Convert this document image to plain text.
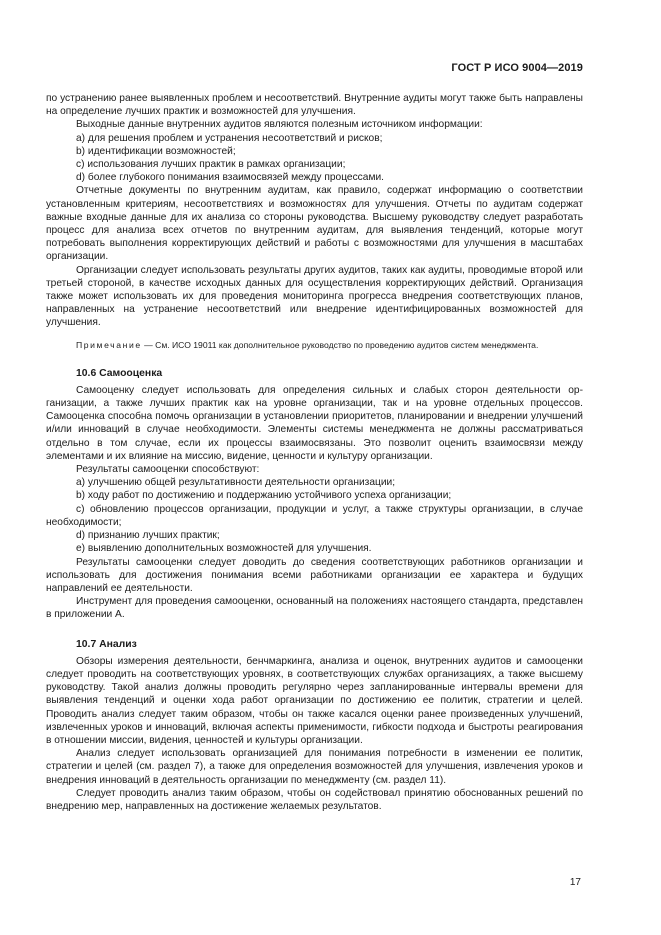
ГОСТ Р ИСО 9004—2019

по устранению ранее выявленных проблем и несоответствий. Внутренние аудиты могут также быть направлены на определение лучших практик и возможностей для улучшения.

Выходные данные внутренних аудитов являются полезным источником информации:

a) для решения проблем и устранения несоответствий и рисков;

b) идентификации возможностей;

c) использования лучших практик в рамках организации;

d) более глубокого понимания взаимосвязей между процессами.

Отчетные документы по внутренним аудитам, как правило, содержат информацию о соответствии установленным критериям, несоответствиях и возможностях для улучшения. Отчеты по аудитам содержат важные входные данные для их анализа со стороны руководства. Высшему руководству следует разработать процесс для анализа всех отчетов по внутренним аудитам, для выявления тенденций, которые могут потребовать выполнения корректирующих действий и работы с возможностями для улучшения в масштабах организации.

Организации следует использовать результаты других аудитов, таких как аудиты, проводимые второй или третьей стороной, в качестве исходных данных для осуществления корректирующих действий. Организация также может использовать их для проведения мониторинга прогресса внедрения соответствующих планов, направленных на устранение несоответствий или внедрение идентифицированных возможностей для улучшения.

Примечание — См. ИСО 19011 как дополнительное руководство по проведению аудитов систем менеджмента.

10.6 Самооценка

Самооценку следует использовать для определения сильных и слабых сторон деятельности организации, а также лучших практик как на уровне организации, так и на уровне отдельных процессов. Самооценка способна помочь организации в установлении приоритетов, планировании и внедрении улучшений и/или инноваций в случае необходимости. Элементы системы менеджмента не должны рассматриваться отдельно в том случае, если их процессы взаимосвязаны. Это позволит оценить взаимосвязи между элементами и их влияние на миссию, видение, ценности и культуру организации.

Результаты самооценки способствуют:

a) улучшению общей результативности деятельности организации;

b) ходу работ по достижению и поддержанию устойчивого успеха организации;

c) обновлению процессов организации, продукции и услуг, а также структуры организации, в случае необходимости;

d) признанию лучших практик;

e) выявлению дополнительных возможностей для улучшения.

Результаты самооценки следует доводить до сведения соответствующих работников организации и использовать для достижения понимания всеми работниками организации ее характера и будущих направлений ее деятельности.

Инструмент для проведения самооценки, основанный на положениях настоящего стандарта, представлен в приложении А.

10.7 Анализ

Обзоры измерения деятельности, бенчмаркинга, анализа и оценок, внутренних аудитов и самооценки следует проводить на соответствующих уровнях, в соответствующих службах организациях, а также высшему руководству. Такой анализ должны проводить регулярно через запланированные интервалы времени для выявления тенденций и оценки хода работ организации по достижению ее политик, стратегии и целей. Проводить анализ следует таким образом, чтобы он также касался оценки ранее произведенных улучшений, извлеченных уроков и инноваций, включая аспекты применимости, гибкости подхода и быстроты реагирования в отношении миссии, видения, ценностей и культуры организации.

Анализ следует использовать организацией для понимания потребности в изменении ее политик, стратегии и целей (см. раздел 7), а также для определения возможностей для улучшения, извлечения уроков и внедрения инноваций в деятельность организации по менеджменту (см. раздел 11).

Следует проводить анализ таким образом, чтобы он содействовал принятию обоснованных решений по внедрению мер, направленных на достижение желаемых результатов.

17
